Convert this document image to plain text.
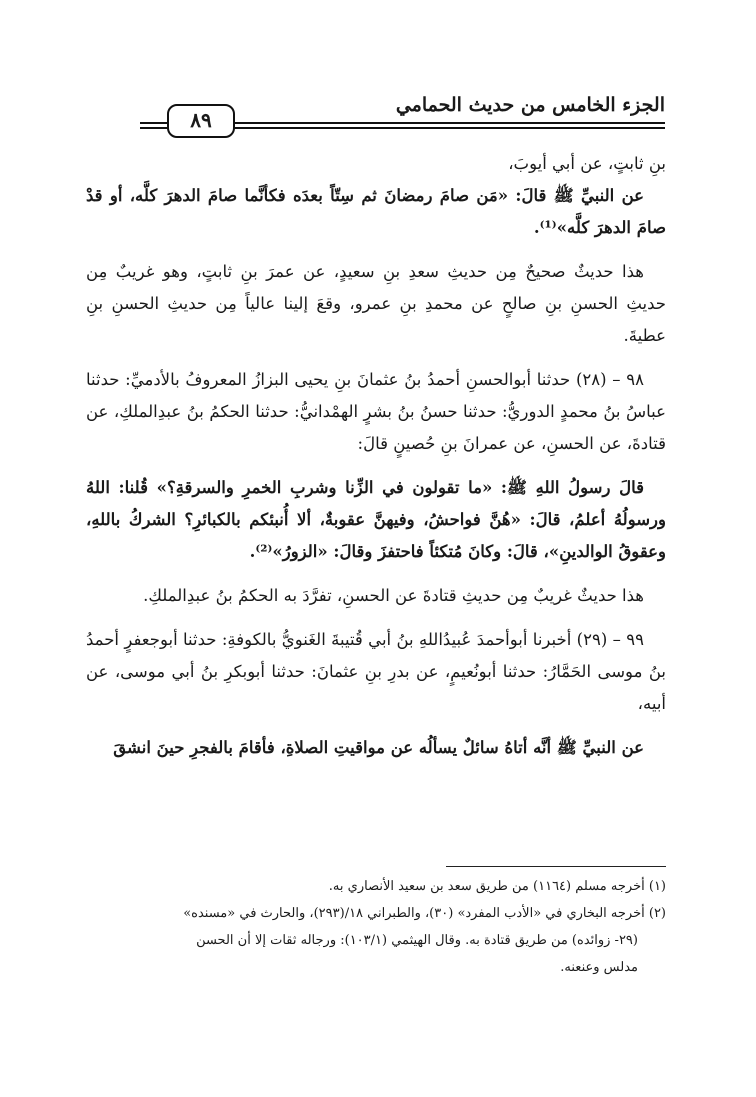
الجزء الخامس من حديث الحمامي
٨٩

بنِ ثابتٍ، عن أبي أيوبَ،

عن النبيِّ ﷺ قالَ: «مَن صامَ رمضانَ ثم سِتّاً بعدَه فكأنَّما صامَ الدهرَ كلَّه، أو قدْ صامَ الدهرَ كلَّه»⁽¹⁾.

هذا حديثٌ صحيحٌ مِن حديثِ سعدِ بنِ سعيدٍ، عن عمرَ بنِ ثابتٍ، وهو غريبٌ مِن حديثِ الحسنِ بنِ صالحٍ عن محمدِ بنِ عمرو، وقعَ إلينا عالياً مِن حديثِ الحسنِ بنِ عطيةَ.

٩٨ – (٢٨) حدثنا أبوالحسنِ أحمدُ بنُ عثمانَ بنِ يحيى البزازُ المعروفُ بالأدميِّ: حدثنا عباسُ بنُ محمدٍ الدوريُّ: حدثنا حسنُ بنُ بشرٍ الهمْدانيُّ: حدثنا الحكمُ بنُ عبدِالملكِ، عن قتادةَ، عن الحسنِ، عن عمرانَ بنِ حُصينٍ قالَ:

قالَ رسولُ اللهِ ﷺ: «ما تقولون في الزِّنا وشربِ الخمرِ والسرقةِ؟» قُلنا: اللهُ ورسولُهُ أعلمُ، قالَ: «هُنَّ فواحشُ، وفيهنَّ عقوبةٌ، ألا أُنبئكم بالكبائرِ؟ الشركُ باللهِ، وعقوقُ الوالدينِ»، قالَ: وكانَ مُتكئاً فاحتفزَ وقالَ: «الزورُ»⁽²⁾.

هذا حديثٌ غريبٌ مِن حديثِ قتادةَ عن الحسنِ، تفرَّدَ به الحكمُ بنُ عبدِالملكِ.

٩٩ – (٢٩) أخبرنا أبوأحمدَ عُبيدُاللهِ بنُ أبي قُتيبةَ الغَنويُّ بالكوفةِ: حدثنا أبوجعفرٍ أحمدُ بنُ موسى الحَمَّارُ: حدثنا أبونُعيمٍ، عن بدرِ بنِ عثمانَ: حدثنا أبوبكرِ بنُ أبي موسى، عن أبيه،

عن النبيِّ ﷺ أنَّه أتاهُ سائلٌ يسألُه عن مواقيتِ الصلاةِ، فأقامَ بالفجرِ حينَ انشقَ

(١) أخرجه مسلم (١١٦٤) من طريق سعد بن سعيد الأنصاري به.

(٢) أخرجه البخاري في «الأدب المفرد» (٣٠)، والطبراني ١٨/(٢٩٣)، والحارث في «مسنده»

(٢٩- زوائده) من طريق قتادة به. وقال الهيثمي (١٠٣/١): ورجاله ثقات إلا أن الحسن

مدلس وعنعنه.
